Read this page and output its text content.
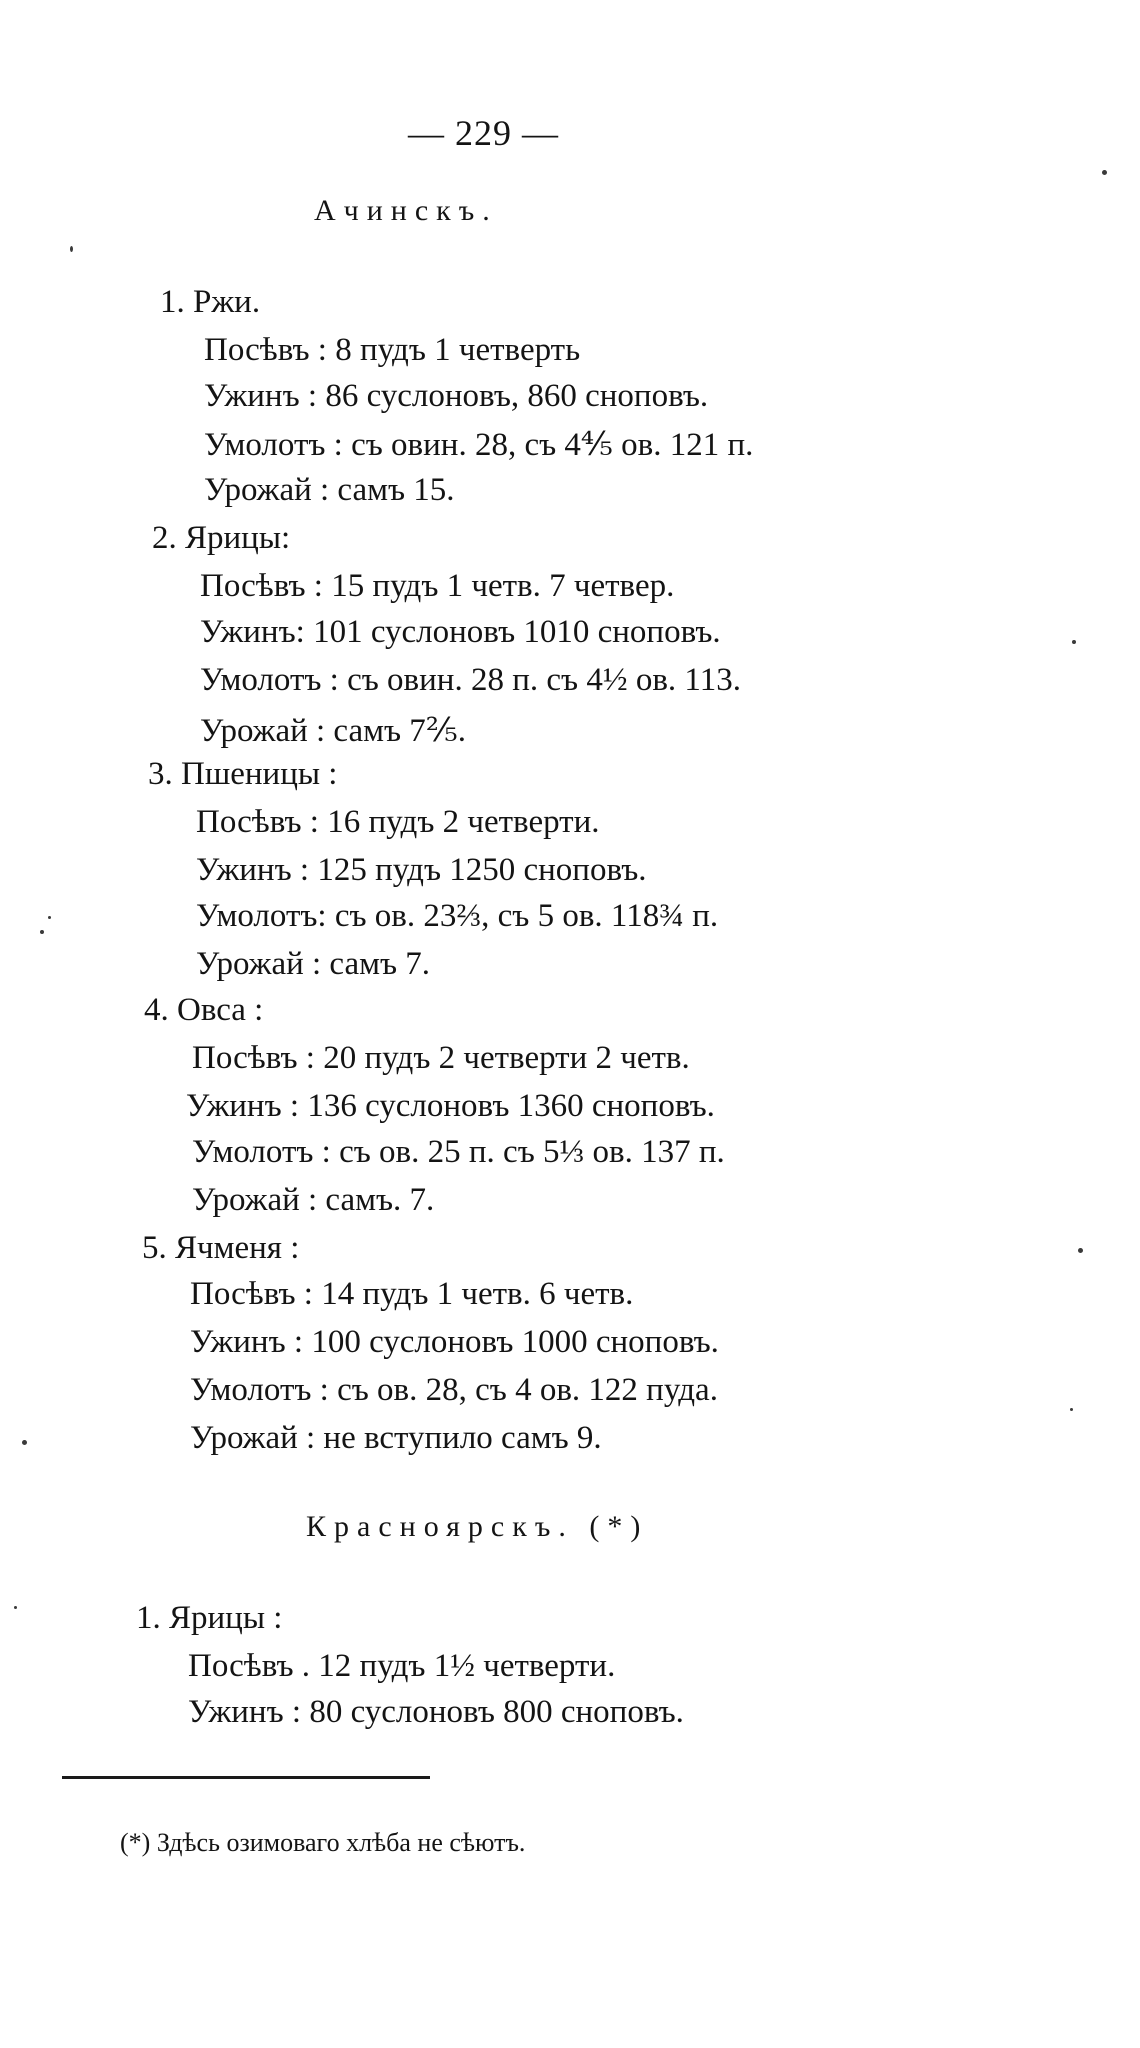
— 229 —
Ачинскъ.
1. Ржи.
Посѣвъ : 8 пудъ 1 четверть
Ужинъ : 86 суслоновъ, 860 сноповъ.
Умолотъ : съ овин. 28, съ 4⅘ ов. 121 п.
Урожай : самъ 15.
2. Ярицы:
Посѣвъ : 15 пудъ 1 четв. 7 четвер.
Ужинъ: 101 суслоновъ 1010 сноповъ.
Умолотъ : съ овин. 28 п. съ 4½ ов. 113.
Урожай : самъ 7⅖.
3. Пшеницы :
Посѣвъ : 16 пудъ 2 четверти.
Ужинъ : 125 пудъ 1250 сноповъ.
Умолотъ: съ ов. 23⅔, съ 5 ов. 118¾ п.
Урожай : самъ 7.
4. Овса :
Посѣвъ : 20 пудъ 2 четверти 2 четв.
Ужинъ : 136 суслоновъ 1360 сноповъ.
Умолотъ : съ ов. 25 п. съ 5⅓ ов. 137 п.
Урожай : самъ. 7.
5. Ячменя :
Посѣвъ : 14 пудъ 1 четв. 6 четв.
Ужинъ : 100 суслоновъ 1000 сноповъ.
Умолотъ : съ ов. 28, съ 4 ов. 122 пуда.
Урожай : не вступило самъ 9.
Красноярскъ. (*)
1. Ярицы :
Посѣвъ . 12 пудъ 1½ четверти.
Ужинъ : 80 суслоновъ 800 сноповъ.
(*) Здѣсь озимоваго хлѣба не сѣютъ.
